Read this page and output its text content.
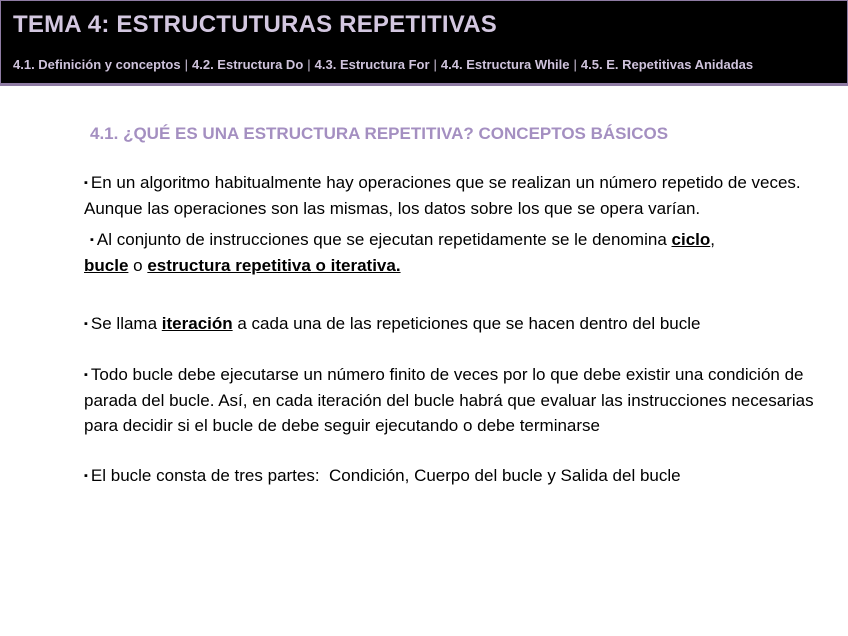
TEMA 4: ESTRUCTUTURAS REPETITIVAS
4.1. Definición y conceptos | 4.2. Estructura Do | 4.3. Estructura For | 4.4. Estructura While | 4.5. E. Repetitivas Anidadas
4.1. ¿QUÉ ES UNA ESTRUCTURA REPETITIVA? CONCEPTOS BÁSICOS

▪ En un algoritmo habitualmente hay operaciones que se realizan un número repetido de veces. Aunque las operaciones son las mismas, los datos sobre los que se opera varían.

▪ Al conjunto de instrucciones que se ejecutan repetidamente se le denomina ciclo,
bucle o estructura repetitiva o iterativa.

▪ Se llama iteración a cada una de las repeticiones que se hacen dentro del bucle

▪ Todo bucle debe ejecutarse un número finito de veces por lo que debe existir una condición de parada del bucle. Así, en cada iteración del bucle habrá que evaluar las instrucciones necesarias para decidir si el bucle de debe seguir ejecutando o debe terminarse

▪ El bucle consta de tres partes:  Condición, Cuerpo del bucle y Salida del bucle
